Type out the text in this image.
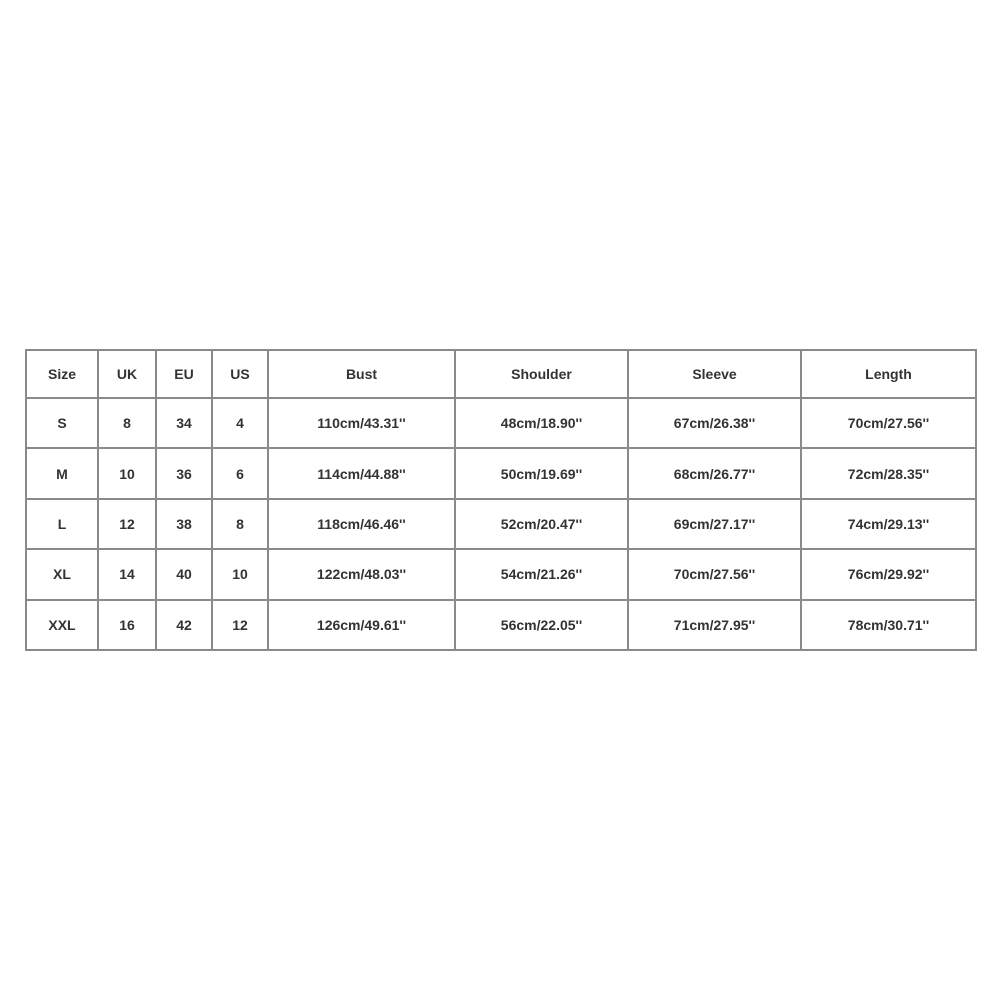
Size	UK	EU	US	Bust	Shoulder	Sleeve	Length
S	8	34	4	110cm/43.31''	48cm/18.90''	67cm/26.38''	70cm/27.56''
M	10	36	6	114cm/44.88''	50cm/19.69''	68cm/26.77''	72cm/28.35''
L	12	38	8	118cm/46.46''	52cm/20.47''	69cm/27.17''	74cm/29.13''
XL	14	40	10	122cm/48.03''	54cm/21.26''	70cm/27.56''	76cm/29.92''
XXL	16	42	12	126cm/49.61''	56cm/22.05''	71cm/27.95''	78cm/30.71''
